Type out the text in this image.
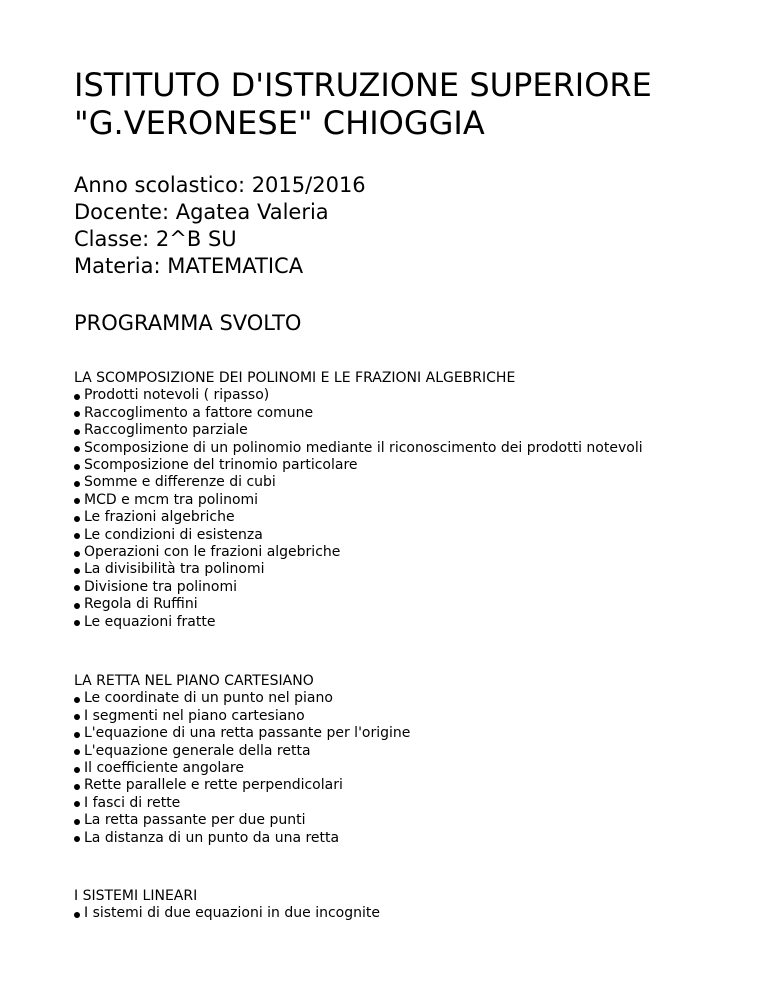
ISTITUTO D'ISTRUZIONE SUPERIORE
"G.VERONESE" CHIOGGIA
Anno scolastico: 2015/2016
Docente: Agatea Valeria
Classe: 2^B SU
Materia: MATEMATICA
PROGRAMMA SVOLTO
LA SCOMPOSIZIONE DEI POLINOMI E LE FRAZIONI ALGEBRICHE
Prodotti notevoli ( ripasso)
Raccoglimento a fattore comune
Raccoglimento parziale
Scomposizione di un polinomio mediante il riconoscimento dei prodotti notevoli
Scomposizione del trinomio particolare
Somme e differenze di cubi
MCD e mcm tra polinomi
Le frazioni algebriche
Le condizioni di esistenza
Operazioni con le frazioni algebriche
La divisibilità tra polinomi
Divisione tra polinomi
Regola di Ruffini
Le equazioni fratte
LA RETTA NEL PIANO CARTESIANO
Le coordinate di un punto nel piano
I segmenti nel piano cartesiano
L'equazione di una retta passante per l'origine
L'equazione generale della retta
Il coefficiente angolare
Rette parallele e rette perpendicolari
I fasci di rette
La retta passante per due punti
La distanza di un punto da una retta
I SISTEMI LINEARI
I sistemi di due equazioni in due incognite
